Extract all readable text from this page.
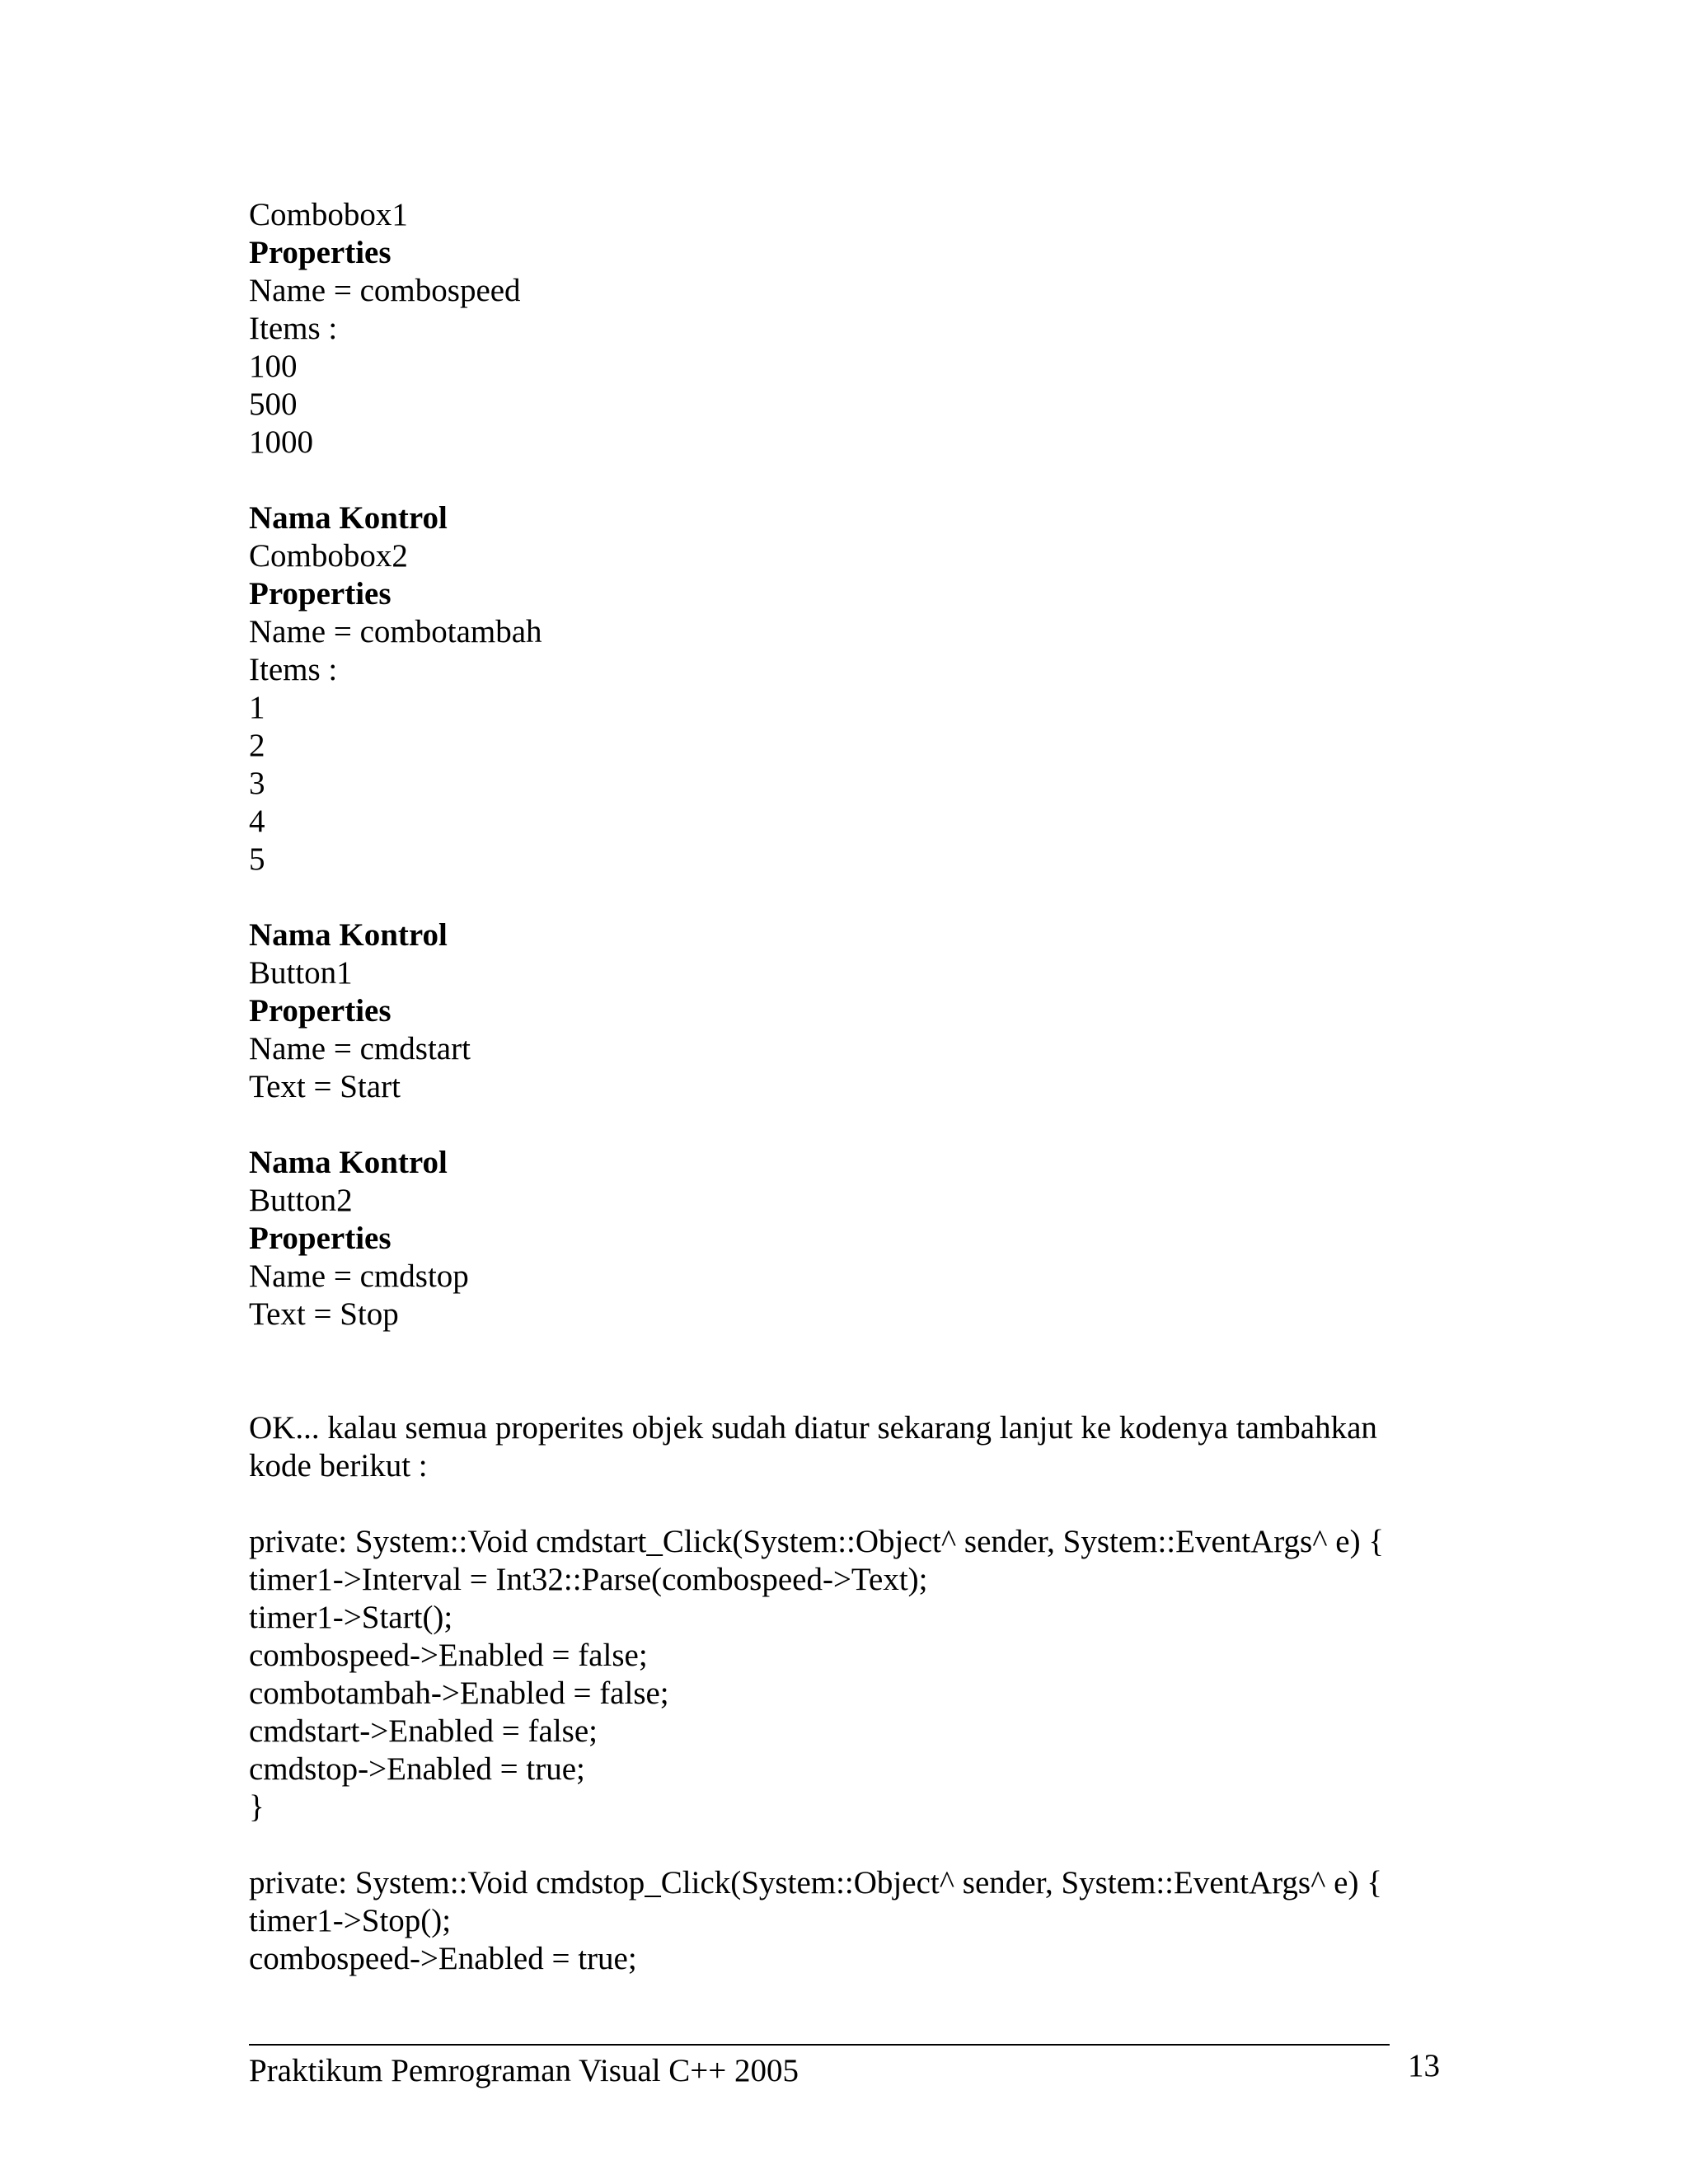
Combobox1
Properties
Name = combospeed
Items :
100
500
1000
Nama Kontrol
Combobox2
Properties
Name = combotambah
Items :
1
2
3
4
5
Nama Kontrol
Button1
Properties
Name = cmdstart
Text = Start
Nama Kontrol
Button2
Properties
Name = cmdstop
Text = Stop
OK... kalau semua properites objek sudah diatur sekarang lanjut ke kodenya tambahkan kode berikut :
private: System::Void cmdstart_Click(System::Object^ sender, System::EventArgs^ e) {
timer1->Interval = Int32::Parse(combospeed->Text);
timer1->Start();
combospeed->Enabled = false;
combotambah->Enabled = false;
cmdstart->Enabled = false;
cmdstop->Enabled = true;
}
private: System::Void cmdstop_Click(System::Object^ sender, System::EventArgs^ e) {
timer1->Stop();
combospeed->Enabled = true;
Praktikum Pemrograman Visual C++ 2005	13
